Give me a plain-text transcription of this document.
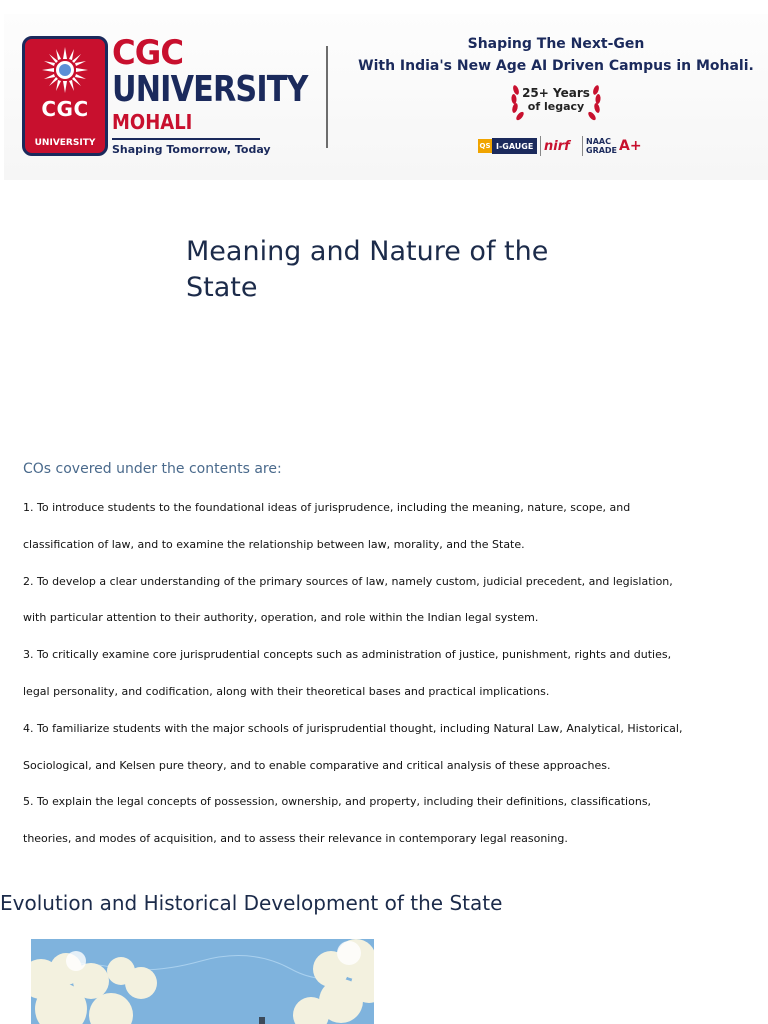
CGC
UNIVERSITY
CGC
UNIVERSITY
MOHALI
Shaping Tomorrow, Today
Shaping The Next-Gen
With India's New Age AI Driven Campus in Mohali.
25+ Years
of legacy
QS I-GAUGE nirf	NAAC
GRADE A+
Meaning and Nature of the State
COs covered under the contents are:
1. To introduce students to the foundational ideas of jurisprudence, including the meaning, nature, scope, and
classification of law, and to examine the relationship between law, morality, and the State.
2. To develop a clear understanding of the primary sources of law, namely custom, judicial precedent, and legislation,
with particular attention to their authority, operation, and role within the Indian legal system.
3. To critically examine core jurisprudential concepts such as administration of justice, punishment, rights and duties,
legal personality, and codification, along with their theoretical bases and practical implications.
4. To familiarize students with the major schools of jurisprudential thought, including Natural Law, Analytical, Historical,
Sociological, and Kelsen pure theory, and to enable comparative and critical analysis of these approaches.
5. To explain the legal concepts of possession, ownership, and property, including their definitions, classifications,
theories, and modes of acquisition, and to assess their relevance in contemporary legal reasoning.
Evolution and Historical Development of the State
